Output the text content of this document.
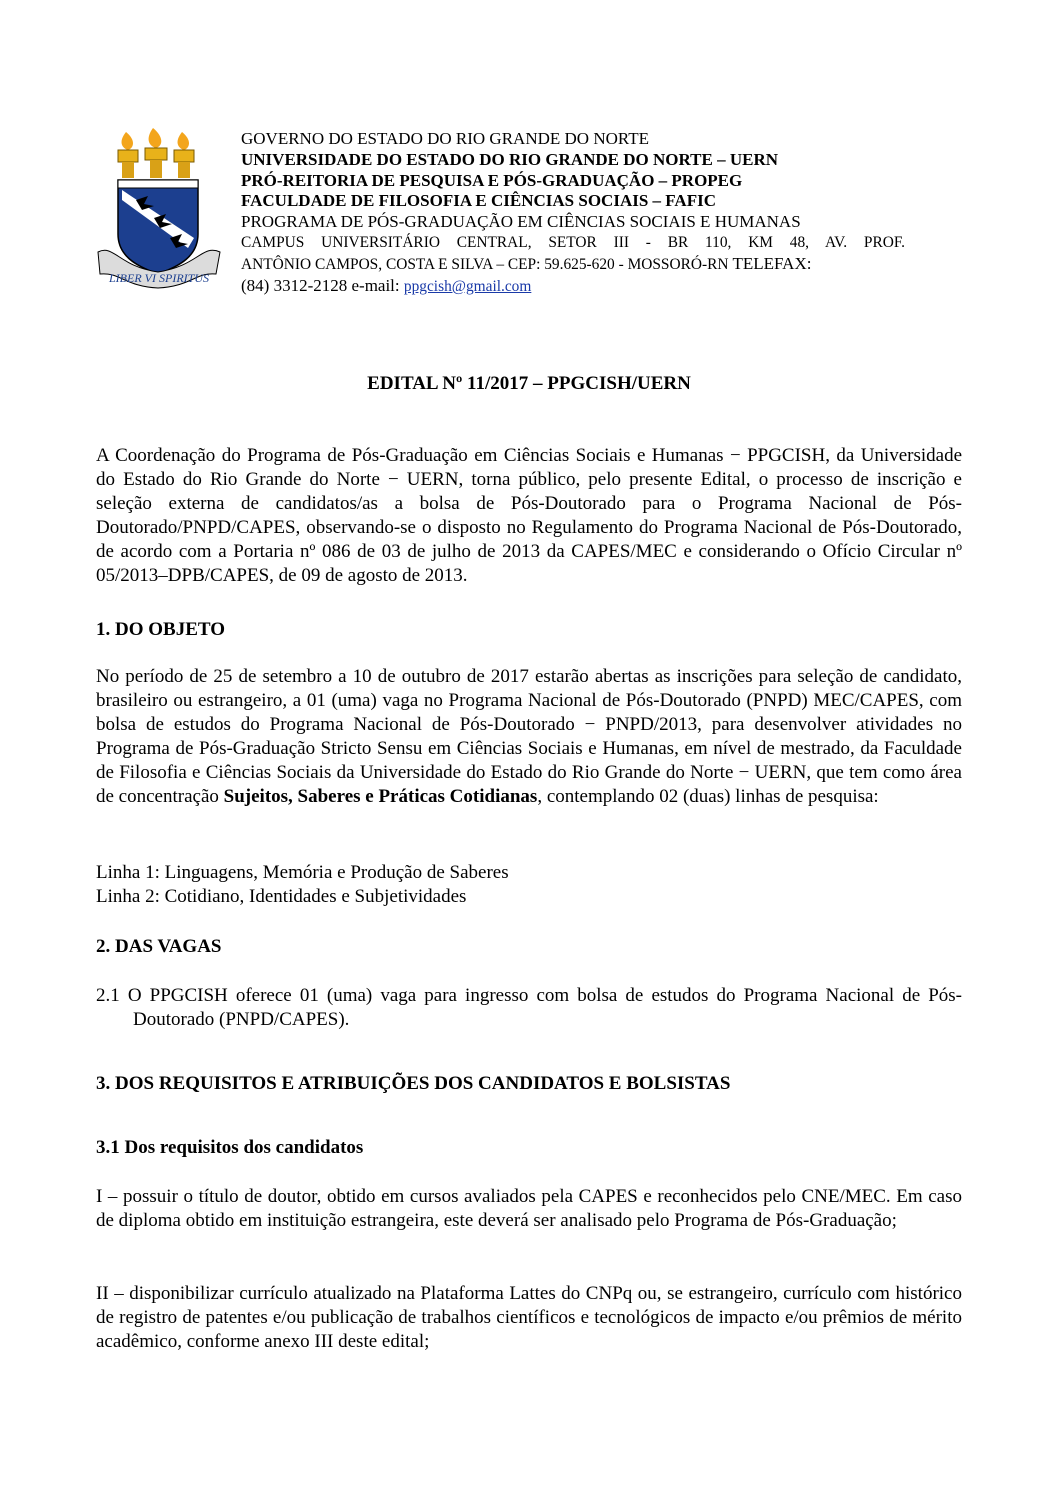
LIBER VI SPIRITUS
GOVERNO DO ESTADO DO RIO GRANDE DO NORTE
UNIVERSIDADE DO ESTADO DO RIO GRANDE DO NORTE – UERN
PRÓ-REITORIA DE PESQUISA E PÓS-GRADUAÇÃO – PROPEG
FACULDADE DE FILOSOFIA E CIÊNCIAS SOCIAIS – FAFIC
PROGRAMA DE PÓS-GRADUAÇÃO EM CIÊNCIAS SOCIAIS E HUMANAS
CAMPUS UNIVERSITÁRIO CENTRAL, SETOR III - BR 110, KM 48, AV. PROF.
ANTÔNIO CAMPOS, COSTA E SILVA – CEP: 59.625-620 - MOSSORÓ-RN TELEFAX:
(84) 3312-2128 e-mail: ppgcish@gmail.com
EDITAL Nº 11/2017 – PPGCISH/UERN
A Coordenação do Programa de Pós-Graduação em Ciências Sociais e Humanas − PPGCISH, da Universidade do Estado do Rio Grande do Norte − UERN, torna público, pelo presente Edital, o processo de inscrição e seleção externa de candidatos/as a bolsa de Pós-Doutorado para o Programa Nacional de Pós-Doutorado/PNPD/CAPES, observando-se o disposto no Regulamento do Programa Nacional de Pós-Doutorado, de acordo com a Portaria nº 086 de 03 de julho de 2013 da CAPES/MEC e considerando o Ofício Circular nº 05/2013–DPB/CAPES, de 09 de agosto de 2013.
1. DO OBJETO
No período de 25 de setembro a 10 de outubro de 2017 estarão abertas as inscrições para seleção de candidato, brasileiro ou estrangeiro, a 01 (uma) vaga no Programa Nacional de Pós-Doutorado (PNPD) MEC/CAPES, com bolsa de estudos do Programa Nacional de Pós-Doutorado − PNPD/2013, para desenvolver atividades no Programa de Pós-Graduação Stricto Sensu em Ciências Sociais e Humanas, em nível de mestrado, da Faculdade de Filosofia e Ciências Sociais da Universidade do Estado do Rio Grande do Norte − UERN, que tem como área de concentração Sujeitos, Saberes e Práticas Cotidianas, contemplando 02 (duas) linhas de pesquisa:
Linha 1: Linguagens, Memória e Produção de Saberes
Linha 2: Cotidiano, Identidades e Subjetividades
2. DAS VAGAS
2.1 O PPGCISH oferece 01 (uma) vaga para ingresso com bolsa de estudos do Programa Nacional de Pós-Doutorado (PNPD/CAPES).
3. DOS REQUISITOS E ATRIBUIÇÕES DOS CANDIDATOS E BOLSISTAS
3.1 Dos requisitos dos candidatos
I – possuir o título de doutor, obtido em cursos avaliados pela CAPES e reconhecidos pelo CNE/MEC. Em caso de diploma obtido em instituição estrangeira, este deverá ser analisado pelo Programa de Pós-Graduação;
II – disponibilizar currículo atualizado na Plataforma Lattes do CNPq ou, se estrangeiro, currículo com histórico de registro de patentes e/ou publicação de trabalhos científicos e tecnológicos de impacto e/ou prêmios de mérito acadêmico, conforme anexo III deste edital;
